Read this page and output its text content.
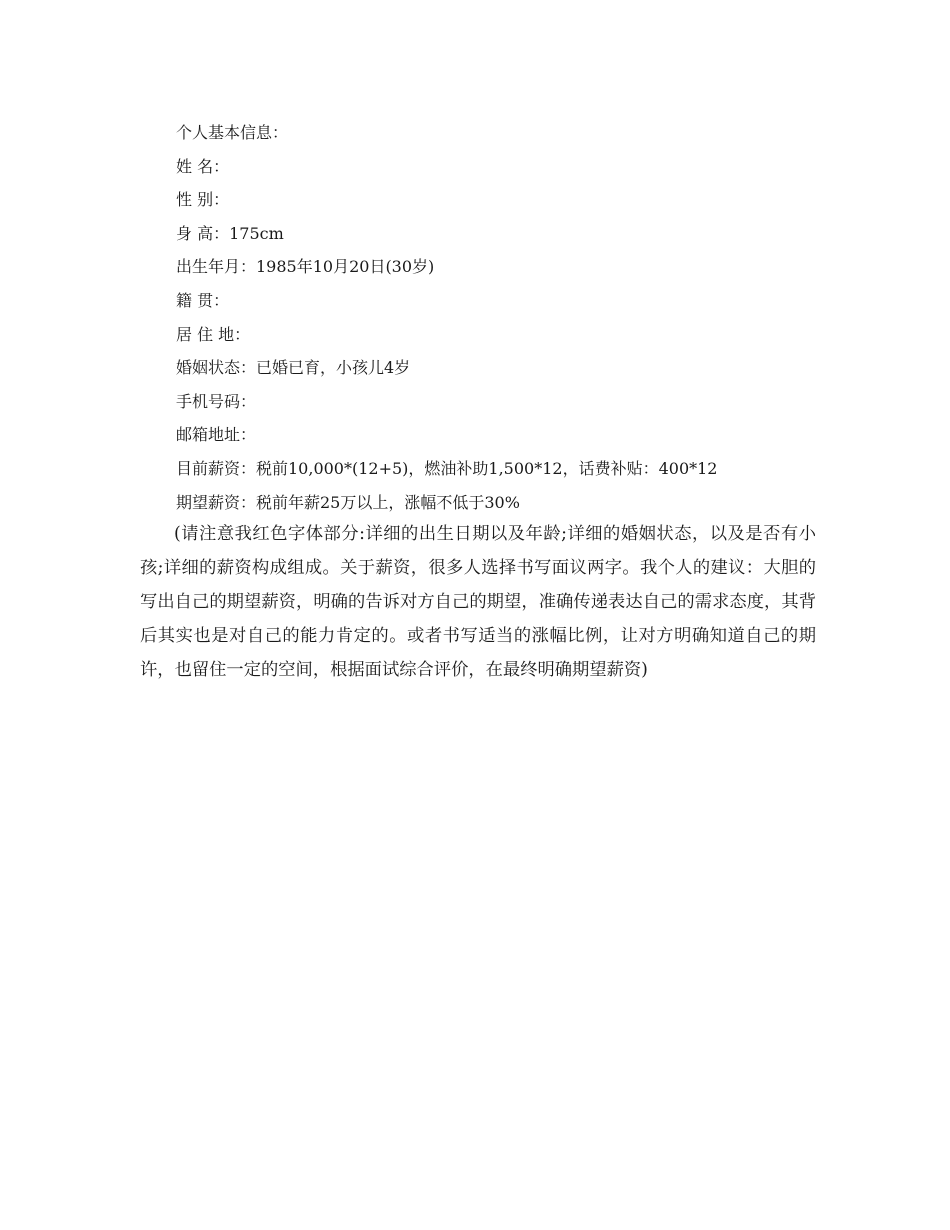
个人基本信息：
姓 名：
性 别：
身 高：175cm
出生年月：1985年10月20日(30岁)
籍 贯：
居 住 地：
婚姻状态：已婚已育，小孩儿4岁
手机号码：
邮箱地址：
目前薪资：税前10,000*(12+5)，燃油补助1,500*12，话费补贴：400*12
期望薪资：税前年薪25万以上，涨幅不低于30%

(请注意我红色字体部分:详细的出生日期以及年龄;详细的婚姻状态，以及是否有小孩;详细的薪资构成组成。关于薪资，很多人选择书写面议两字。我个人的建议：大胆的写出自己的期望薪资，明确的告诉对方自己的期望，准确传递表达自己的需求态度，其背后其实也是对自己的能力肯定的。或者书写适当的涨幅比例，让对方明确知道自己的期许，也留住一定的空间，根据面试综合评价，在最终明确期望薪资)
